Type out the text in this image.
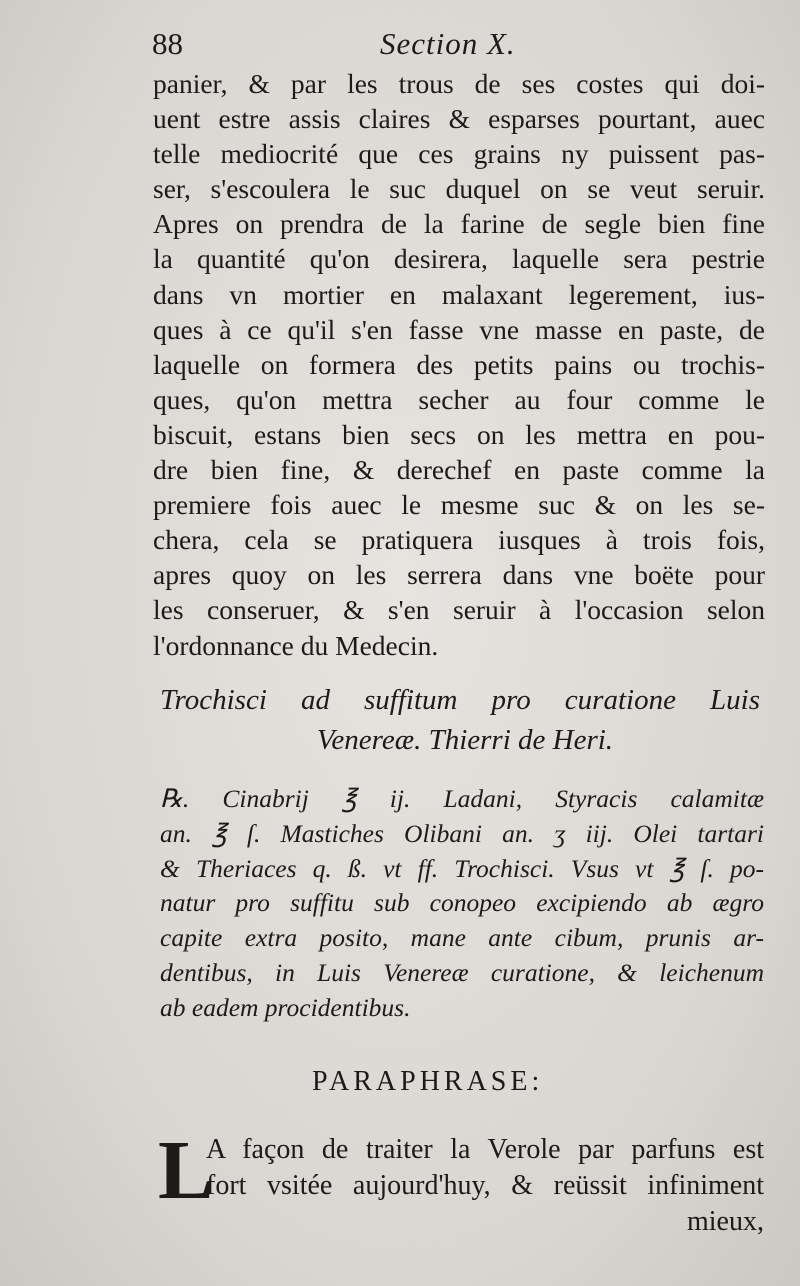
88	Section X.
panier, & par les trous de ses costes qui doi-
uent estre assis claires & esparses pourtant, auec
telle mediocrité que ces grains ny puissent pas-
ser, s'escoulera le suc duquel on se veut seruir.
Apres on prendra de la farine de segle bien fine
la quantité qu'on desirera, laquelle sera pestrie
dans vn mortier en malaxant legerement, ius-
ques à ce qu'il s'en fasse vne masse en paste, de
laquelle on formera des petits pains ou trochis-
ques, qu'on mettra secher au four comme le
biscuit, estans bien secs on les mettra en pou-
dre bien fine, & derechef en paste comme la
premiere fois auec le mesme suc & on les se-
chera, cela se pratiquera iusques à trois fois,
apres quoy on les serrera dans vne boëte pour
les conseruer, & s'en seruir à l'occasion selon
l'ordonnance du Medecin.
Trochisci ad suffitum pro curatione Luis
Venereæ. Thierri de Heri.
℞. Cinabrij ℥ ij. Ladani, Styracis calamitæ
an. ℥ ſ. Mastiches Olibani an. ʒ iij. Olei tartari
& Theriaces q. ß. vt ff. Trochisci. Vsus vt ℥ ſ. po-
natur pro suffitu sub conopeo excipiendo ab ægro
capite extra posito, mane ante cibum, prunis ar-
dentibus, in Luis Venereæ curatione, & leichenum
ab eadem procidentibus.
PARAPHRASE:
L
A façon de traiter la Verole par parfuns est
fort vsitée aujourd'huy, & reüssit infiniment
mieux,
